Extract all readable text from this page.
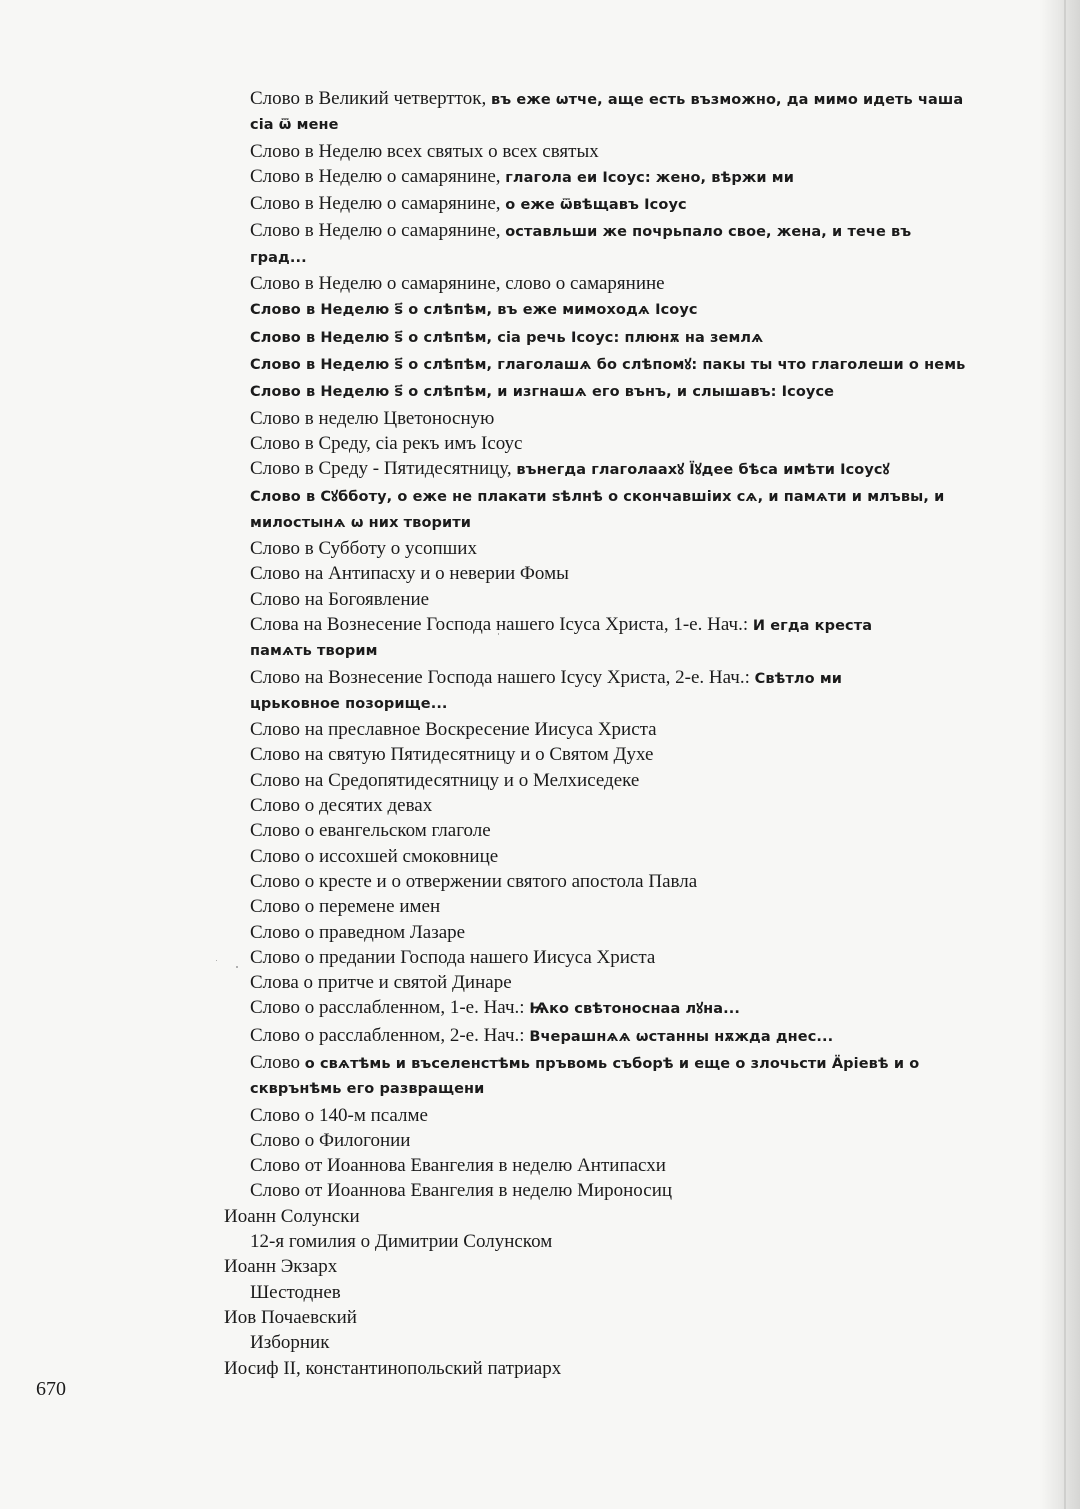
Слово в Великий четвертток, въ еже ѡтче, аще есть възможно, да мимо идеть чаша
сіа ѿ мене
Слово в Неделю всех святых о всех святых
Слово в Неделю о самарянине, глагола еи Ісоус: жено, вѣржи ми
Слово в Неделю о самарянине, о еже ѿвѣщавъ Ісоус
Слово в Неделю о самарянине, оставльши же почрьпало свое, жена, и тече въ
град...
Слово в Неделю о самарянине, слово о самарянине
Слово в Неделю ѕ҃ о слѣпѣм, въ еже мимоходѧ Ісоус
Слово в Неделю ѕ҃ о слѣпѣм, сіа речь Ісоус: плюнѫ на землѧ
Слово в Неделю ѕ҃ о слѣпѣм, глаголашѧ бо слѣпомꙋ: пакы ты что глаголеши о немь
Слово в Неделю ѕ҃ о слѣпѣм, и изгнашѧ его вънъ, и слышавъ: Ісоусе
Слово в неделю Цветоносную
Слово в Среду, сіа рекъ имъ Ісоус
Слово в Среду - Пятидесятницу, вънегда глаголаахꙋ Їꙋдее бѣса имѣти Ісоусꙋ
Слово в Сꙋбботу, о еже не плакати ѕѣлнѣ о скончавшіих сѧ, и памѧти и млъвы, и
милостынѧ ѡ них творити
Слово в Субботу о усопших
Слово на Антипасху и о неверии Фомы
Слово на Богоявление
Слова на Вознесение Господа нашего Ісуса Христа, 1-е. Нач.: И егда креста
памѧть творим
Слово на Вознесение Господа нашего Ісусу Христа, 2-е. Нач.: Свѣтло ми
црьковное позорище...
Слово на преславное Воскресение Иисуса Христа
Слово на святую Пятидесятницу и о Святом Духе
Слово на Средопятидесятницу и о Мелхиседеке
Слово о десятих девах
Слово о евангельском глаголе
Слово о иссохшей смоковнице
Слово о кресте и о отвержении святого апостола Павла
Слово о перемене имен
Слово о праведном Лазаре
Слово о предании Господа нашего Иисуса Христа
Слова о притче и святой Динаре
Слово о расслабленном, 1-е. Нач.: Ѩко свѣтоноснаа лꙋна...
Слово о расслабленном, 2-е. Нач.: Вчерашнѧѧ ѡстанны нѫжда днес...
Слово о свѧтѣмь и въселенстѣмь пръвомь съборѣ и еще о злочьсти Ӓріевѣ и о
скврънѣмь его развращени
Слово о 140-м псалме
Слово о Филогонии
Слово от Иоаннова Евангелия в неделю Антипасхи
Слово от Иоаннова Евангелия в неделю Мироносиц
Иоанн Солунски
12-я гомилия о Димитрии Солунском
Иоанн Экзарх
Шестоднев
Иов Почаевский
Изборник
Иосиф II, константинопольский патриарх
670
